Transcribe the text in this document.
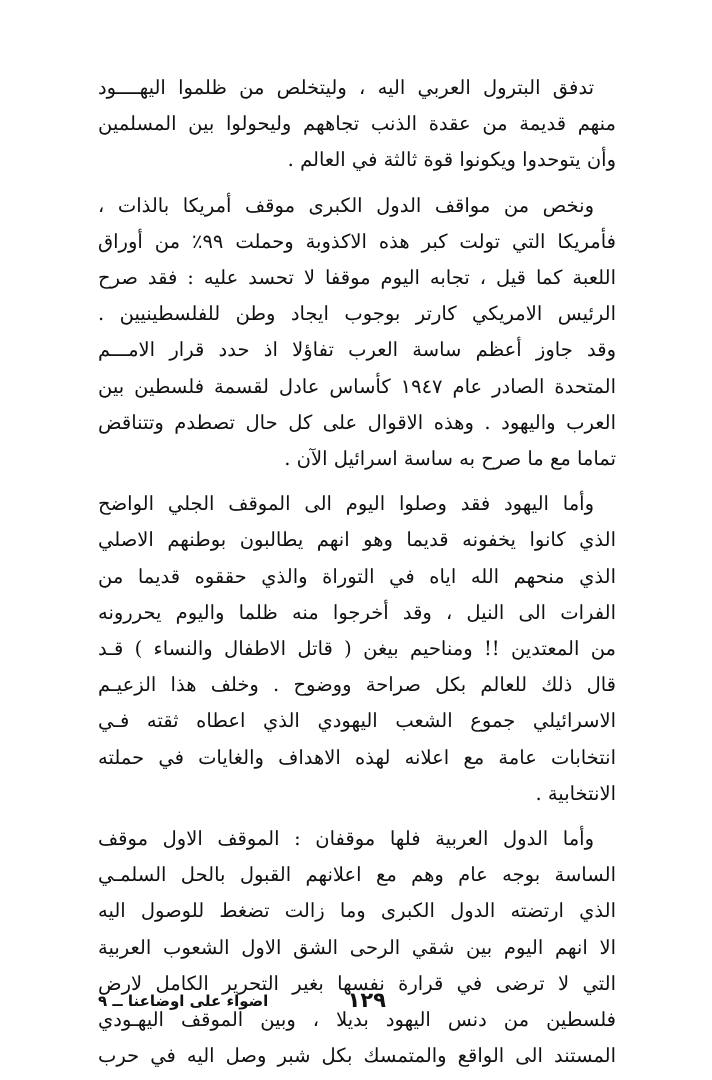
تدفق البترول العربي اليه ، وليتخلص من ظلموا اليهــــود
منهم قديمة من عقدة الذنب تجاههم وليحولوا بين المسلمين
وأن يتوحدوا ويكونوا قوة ثالثة في العالم .

ونخص من مواقف الدول الكبرى موقف أمريكا بالذات ،
فأمريكا التي تولت كبر هذه الاكذوبة وحملت ٩٩٪ من أوراق
اللعبة كما قيل ، تجابه اليوم موقفا لا تحسد عليه : فقد صرح
الرئيس الامريكي كارتر بوجوب ايجاد وطن للفلسطينيين .
وقد جاوز أعظم ساسة العرب تفاؤلا اذ حدد قرار الامـــم
المتحدة الصادر عام ١٩٤٧ كأساس عادل لقسمة فلسطين بين
العرب واليهود . وهذه الاقوال على كل حال تصطدم وتتناقض
تماما مع ما صرح به ساسة اسرائيل الآن .

وأما اليهود فقد وصلوا اليوم الى الموقف الجلي الواضح
الذي كانوا يخفونه قديما وهو انهم يطالبون بوطنهم الاصلي
الذي منحهم الله اياه في التوراة والذي حققوه قديما من
الفرات الى النيل ، وقد أخرجوا منه ظلما واليوم يحررونه
من المعتدين !! ومناحيم بيغن ( قاتل الاطفال والنساء ) قـد
قال ذلك للعالم بكل صراحة ووضوح . وخلف هذا الزعيـم
الاسرائيلي جموع الشعب اليهودي الذي اعطاه ثقته فـي
انتخابات عامة مع اعلانه لهذه الاهداف والغايات في حملته
الانتخابية .

وأما الدول العربية فلها موقفان : الموقف الاول موقف
الساسة بوجه عام وهم مع اعلانهم القبول بالحل السلمـي
الذي ارتضته الدول الكبرى وما زالت تضغط للوصول اليه
الا انهم اليوم بين شقي الرحى الشق الاول الشعوب العربية
التي لا ترضى في قرارة نفسها بغير التحرير الكامل لارض
فلسطين من دنس اليهود بديلا ، وبين الموقف اليهـودي
المستند الى الواقع والمتمسك بكل شبر وصل اليه في حرب

١٢٩
اضواء على اوضاعنا ــ ٩
